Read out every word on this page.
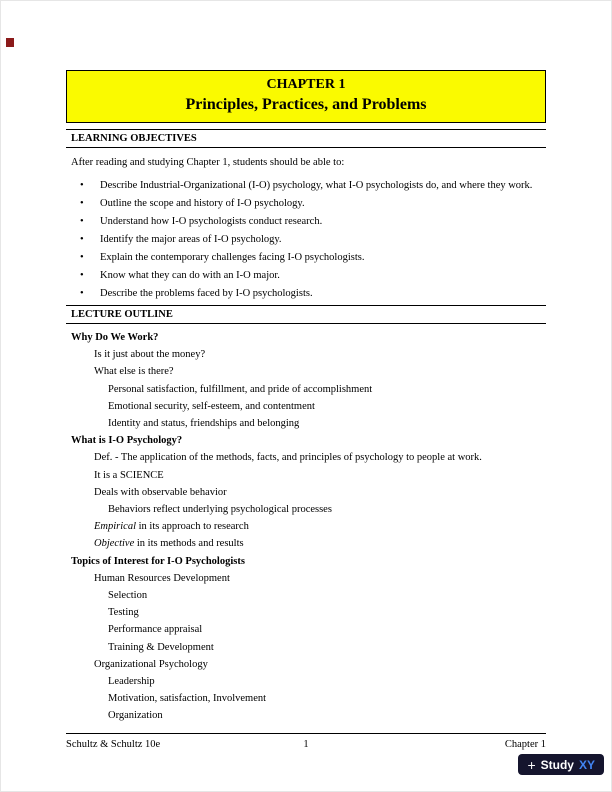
CHAPTER 1
Principles, Practices, and Problems
LEARNING OBJECTIVES
After reading and studying Chapter 1, students should be able to:
•	Describe Industrial-Organizational (I-O) psychology, what I-O psychologists do, and where they work.
•	Outline the scope and history of I-O psychology.
•	Understand how I-O psychologists conduct research.
•	Identify the major areas of I-O psychology.
•	Explain the contemporary challenges facing I-O psychologists.
•	Know what they can do with an I-O major.
•	Describe the problems faced by I-O psychologists.
LECTURE OUTLINE
Why Do We Work?
Is it just about the money?
What else is there?
Personal satisfaction, fulfillment, and pride of accomplishment
Emotional security, self-esteem, and contentment
Identity and status, friendships and belonging
What is I-O Psychology?
Def. - The application of the methods, facts, and principles of psychology to people at work.
It is a SCIENCE
Deals with observable behavior
Behaviors reflect underlying psychological processes
Empirical in its approach to research
Objective in its methods and results
Topics of Interest for I-O Psychologists
Human Resources Development
Selection
Testing
Performance appraisal
Training & Development
Organizational Psychology
Leadership
Motivation, satisfaction, Involvement
Organization
Schultz & Schultz 10e	1	Chapter 1
+ Study XY
